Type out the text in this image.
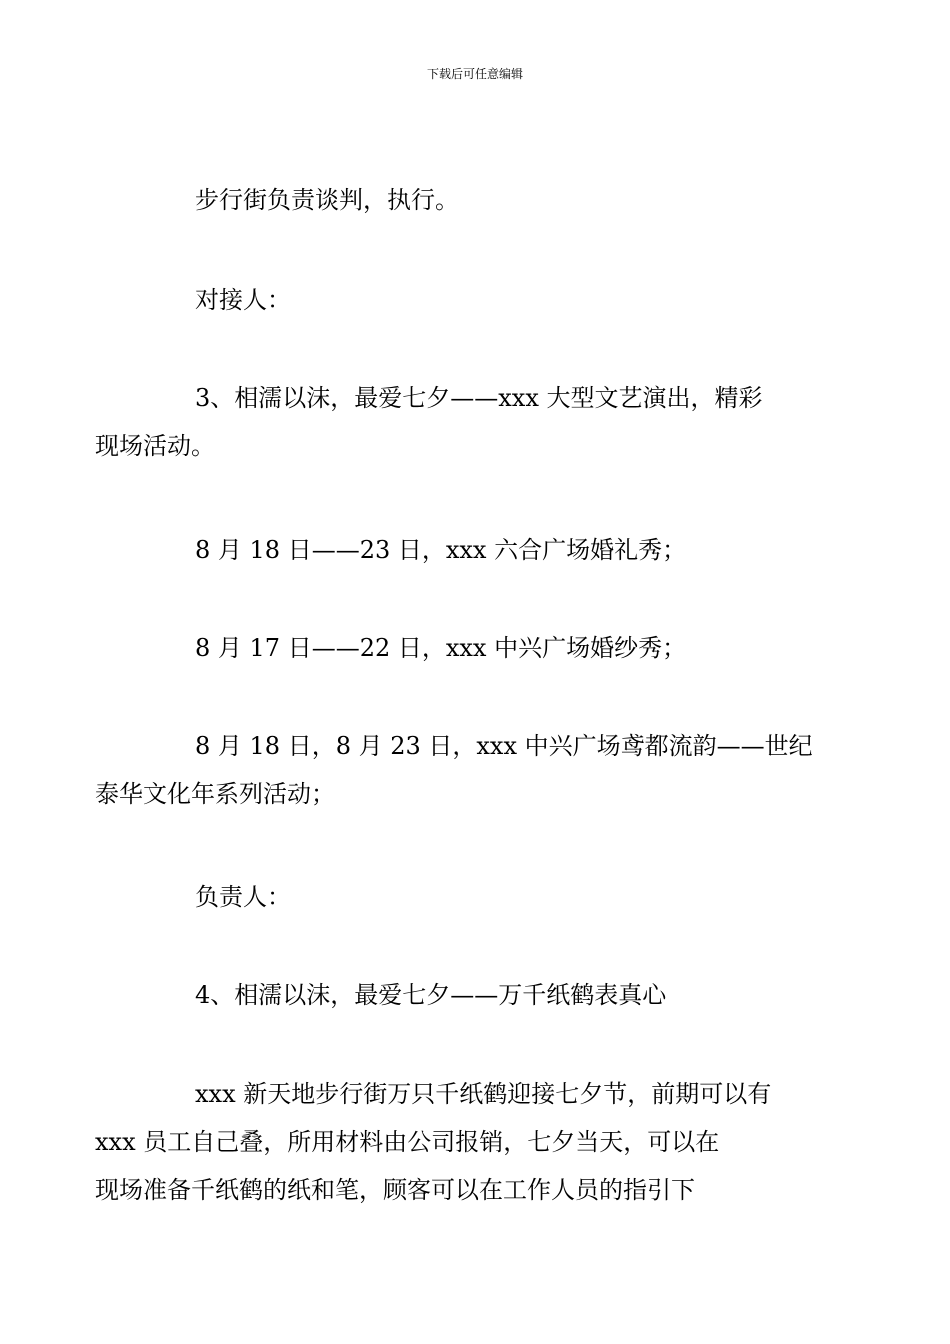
下载后可任意编辑

步行街负责谈判，执行。

对接人：

3、相濡以沫，最爱七夕——xxx 大型文艺演出，精彩
现场活动。

8 月 18 日——23 日，xxx 六合广场婚礼秀；

8 月 17 日——22 日，xxx 中兴广场婚纱秀；

8 月 18 日，8 月 23 日，xxx 中兴广场鸢都流韵——世纪
泰华文化年系列活动；

负责人：

4、相濡以沫，最爱七夕——万千纸鹤表真心

xxx 新天地步行街万只千纸鹤迎接七夕节，前期可以有
xxx 员工自己叠，所用材料由公司报销，七夕当天，可以在
现场准备千纸鹤的纸和笔，顾客可以在工作人员的指引下
